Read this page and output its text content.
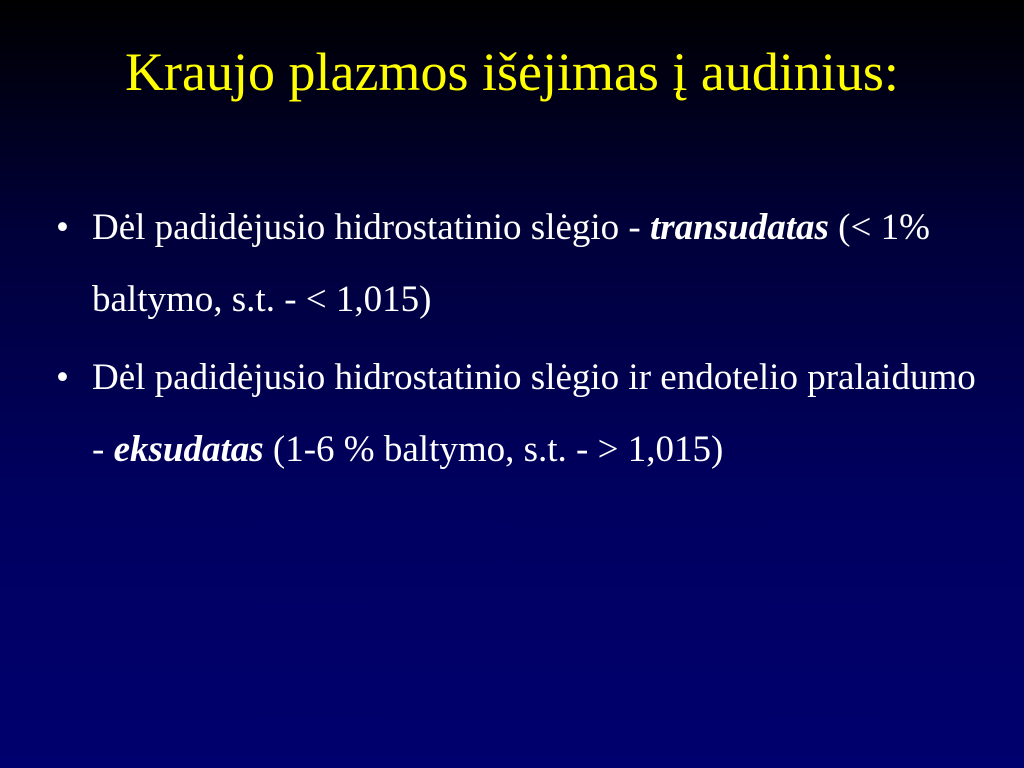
Kraujo plazmos išėjimas į audinius:
• Dėl padidėjusio hidrostatinio slėgio - transudatas (< 1% baltymo, s.t. - < 1,015)
• Dėl padidėjusio hidrostatinio slėgio ir endotelio pralaidumo - eksudatas (1-6 % baltymo, s.t. - > 1,015)
